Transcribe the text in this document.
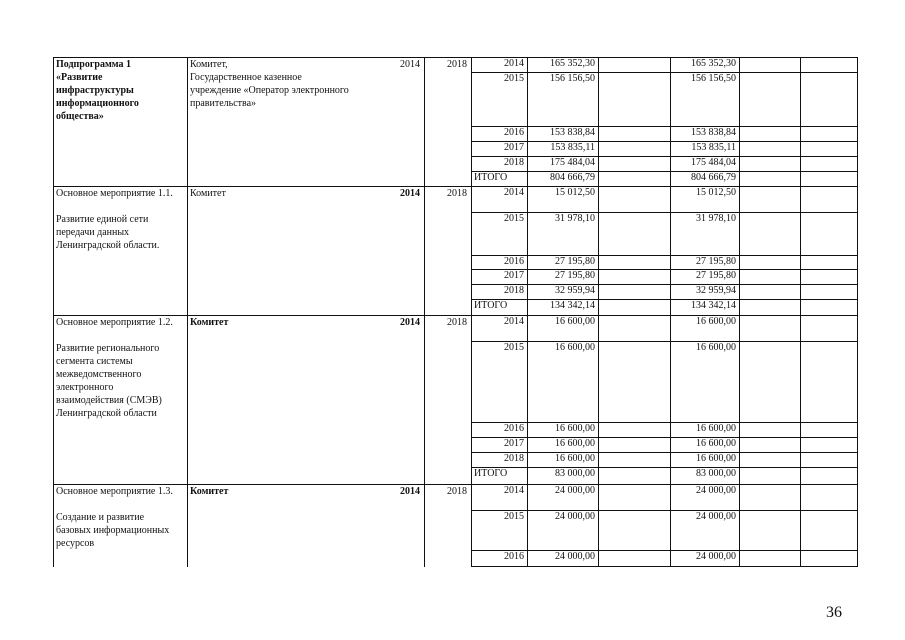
Подпрограмма 1
«Развитие
инфраструктуры
информационного
общества»
Комитет,
Государственное казенное
учреждение «Оператор электронного
правительства»
2014	2018	2014	165 352,30	165 352,30
2015	156 156,50	156 156,50
2016	153 838,84	153 838,84
2017	153 835,11	153 835,11
2018	175 484,04	175 484,04
ИТОГО	804 666,79	804 666,79
Основное мероприятие 1.1.
Развитие единой сети
передачи данных
Ленинградской области.
Комитет	2014	2018	2014	15 012,50	15 012,50
2015	31 978,10	31 978,10
2016	27 195,80	27 195,80
2017	27 195,80	27 195,80
2018	32 959,94	32 959,94
ИТОГО	134 342,14	134 342,14
Основное мероприятие 1.2.
Развитие регионального
сегмента системы
межведомственного
электронного
взаимодействия (СМЭВ)
Ленинградской области
Комитет	2014	2018	2014	16 600,00	16 600,00
2015	16 600,00	16 600,00
2016	16 600,00	16 600,00
2017	16 600,00	16 600,00
2018	16 600,00	16 600,00
ИТОГО	83 000,00	83 000,00
Основное мероприятие 1.3.
Создание и развитие
базовых информационных
ресурсов
Комитет	2014	2018	2014	24 000,00	24 000,00
2015	24 000,00	24 000,00
2016	24 000,00	24 000,00
36
